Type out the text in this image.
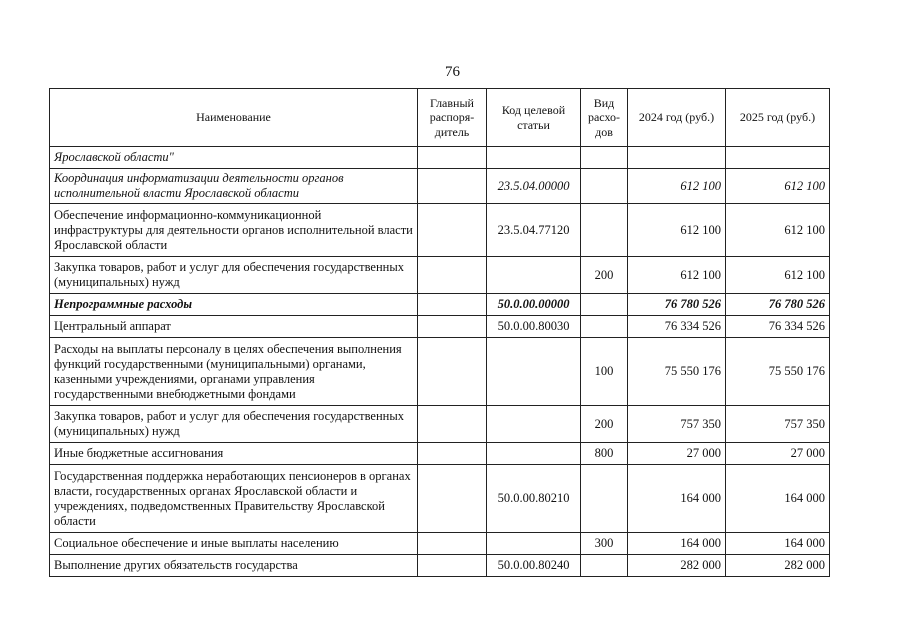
76
Наименование	Главный распоря-дитель	Код целевой статьи	Вид расхо-дов	2024 год (руб.)	2025 год (руб.)
Ярославской области"					
Координация информатизации деятельности органов исполнительной власти Ярославской области		23.5.04.00000		612 100	612 100
Обеспечение информационно-коммуникационной инфраструктуры для деятельности органов исполнительной власти Ярославской области		23.5.04.77120		612 100	612 100
Закупка товаров, работ и услуг для обеспечения государственных (муниципальных) нужд			200	612 100	612 100
Непрограммные расходы		50.0.00.00000		76 780 526	76 780 526
Центральный аппарат		50.0.00.80030		76 334 526	76 334 526
Расходы на выплаты персоналу в целях обеспечения выполнения функций государственными (муниципальными) органами, казенными учреждениями, органами управления государственными внебюджетными фондами			100	75 550 176	75 550 176
Закупка товаров, работ и услуг для обеспечения государственных (муниципальных) нужд			200	757 350	757 350
Иные бюджетные ассигнования			800	27 000	27 000
Государственная поддержка неработающих пенсионеров в органах власти, государственных органах Ярославской области и учреждениях, подведомственных Правительству Ярославской области		50.0.00.80210		164 000	164 000
Социальное обеспечение и иные выплаты населению			300	164 000	164 000
Выполнение других обязательств государства		50.0.00.80240		282 000	282 000
